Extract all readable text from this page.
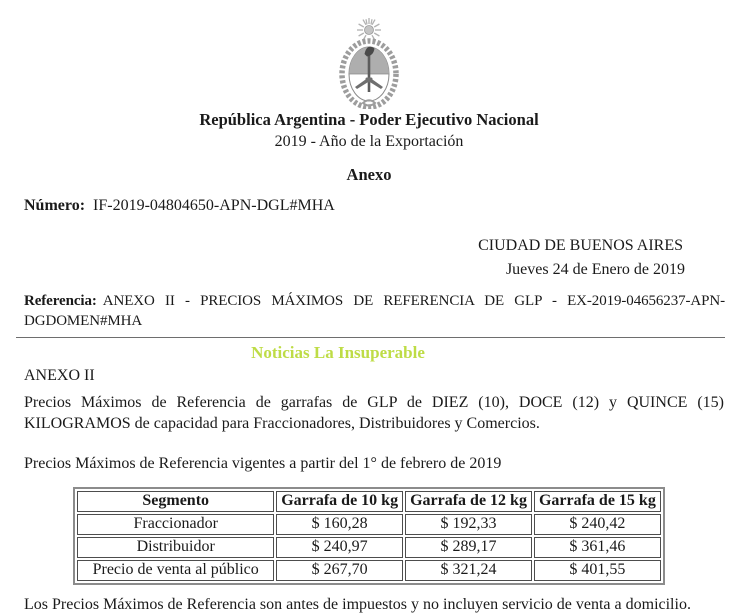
República Argentina - Poder Ejecutivo Nacional
2019 - Año de la Exportación
Anexo
Número: IF-2019-04804650-APN-DGL#MHA
CIUDAD DE BUENOS AIRES
Jueves 24 de Enero de 2019
Referencia: ANEXO II - PRECIOS MÁXIMOS DE REFERENCIA DE GLP - EX-2019-04656237-APN-DGDOMEN#MHA
Noticias La Insuperable
ANEXO II
Precios Máximos de Referencia de garrafas de GLP de DIEZ (10), DOCE (12) y QUINCE (15) KILOGRAMOS de capacidad para Fraccionadores, Distribuidores y Comercios.
Precios Máximos de Referencia vigentes a partir del 1° de febrero de 2019
Segmento	Garrafa de 10 kg	Garrafa de 12 kg	Garrafa de 15 kg
Fraccionador	$ 160,28	$ 192,33	$ 240,42
Distribuidor	$ 240,97	$ 289,17	$ 361,46
Precio de venta al público	$ 267,70	$ 321,24	$ 401,55
Los Precios Máximos de Referencia son antes de impuestos y no incluyen servicio de venta a domicilio.
